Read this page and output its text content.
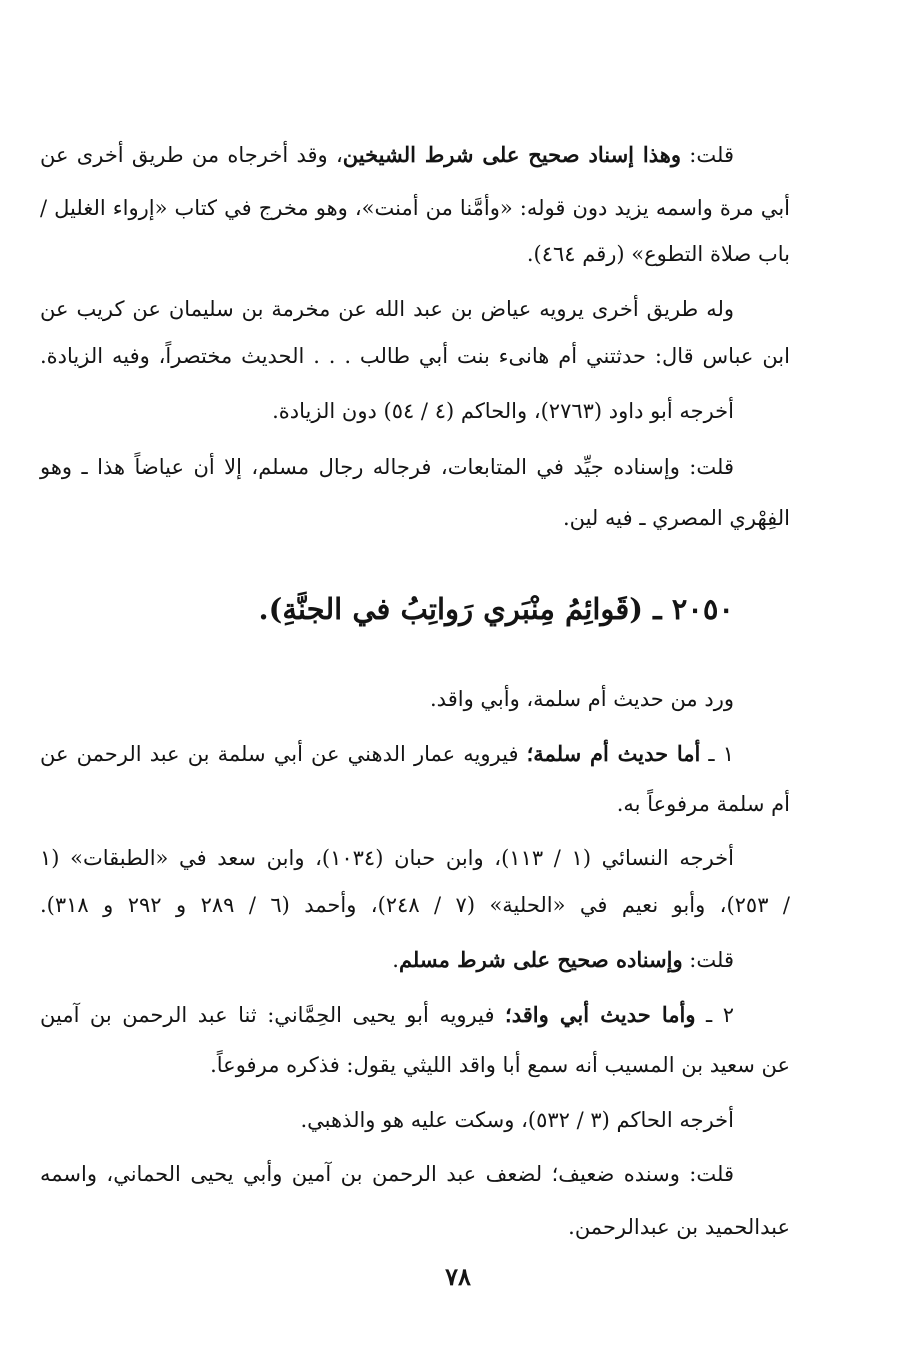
قلت: وهذا إسناد صحيح على شرط الشيخين، وقد أخرجاه من طريق أخرى عن
أبي مرة واسمه يزيد دون قوله: «وأمَّنا من أمنت»، وهو مخرج في كتاب «إرواء الغليل /
باب صلاة التطوع» (رقم ٤٦٤).
وله طريق أخرى يرويه عياض بن عبد الله عن مخرمة بن سليمان عن كريب عن
ابن عباس قال: حدثتني أم هانىء بنت أبي طالب . . . الحديث مختصراً، وفيه الزيادة.
أخرجه أبو داود (٢٧٦٣)، والحاكم (٤ / ٥٤) دون الزيادة.
قلت: وإسناده جيِّد في المتابعات، فرجاله رجال مسلم، إلا أن عياضاً هذا ـ وهو
الفِهْري المصري ـ فيه لين.
٢٠٥٠ ـ (قَوائِمُ مِنْبَري رَواتِبُ في الجنَّةِ).
ورد من حديث أم سلمة، وأبي واقد.
١ ـ أما حديث أم سلمة؛ فيرويه عمار الدهني عن أبي سلمة بن عبد الرحمن عن
أم سلمة مرفوعاً به.
أخرجه النسائي (١ / ١١٣)، وابن حبان (١٠٣٤)، وابن سعد في «الطبقات» (١
/ ٢٥٣)، وأبو نعيم في «الحلية» (٧ / ٢٤٨)، وأحمد (٦ / ٢٨٩ و ٢٩٢ و ٣١٨).
قلت: وإسناده صحيح على شرط مسلم.
٢ ـ وأما حديث أبي واقد؛ فيرويه أبو يحيى الحِمَّاني: ثنا عبد الرحمن بن آمين
عن سعيد بن المسيب أنه سمع أبا واقد الليثي يقول: فذكره مرفوعاً.
أخرجه الحاكم (٣ / ٥٣٢)، وسكت عليه هو والذهبي.
قلت: وسنده ضعيف؛ لضعف عبد الرحمن بن آمين وأبي يحيى الحماني، واسمه
عبدالحميد بن عبدالرحمن.
٧٨
